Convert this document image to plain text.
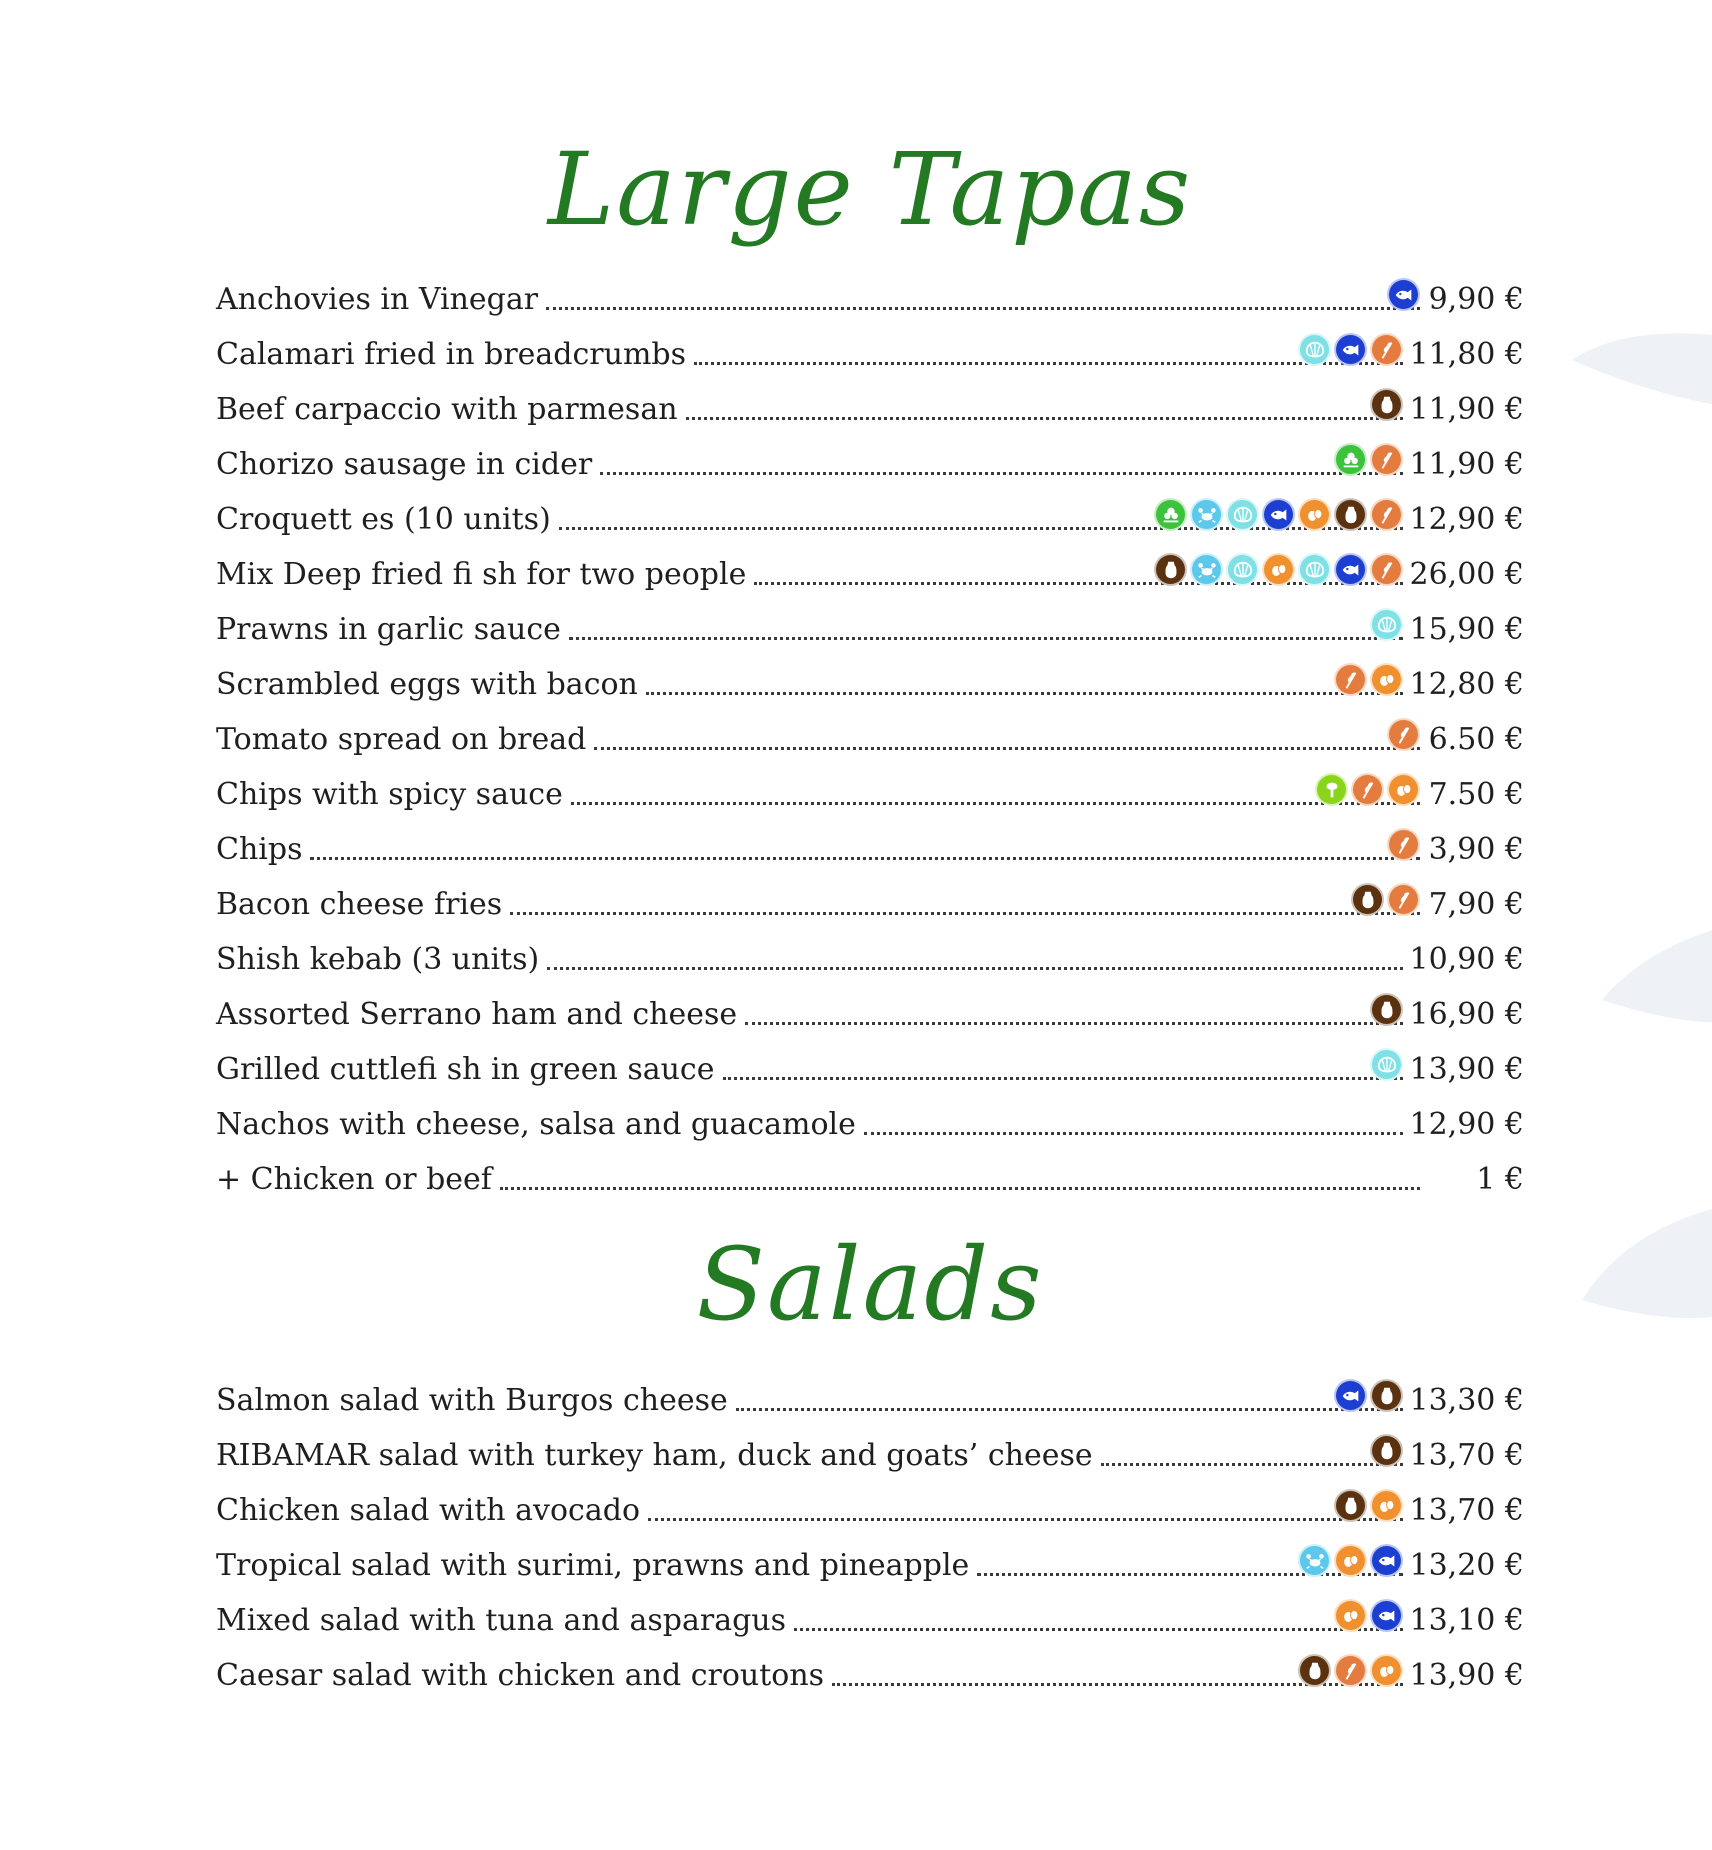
Large Tapas
Anchovies in Vinegar	9,90 €
Calamari fried in breadcrumbs	11,80 €
Beef carpaccio with parmesan	11,90 €
Chorizo sausage in cider	11,90 €
Croquett es (10 units)	12,90 €
Mix Deep fried fi sh for two people	26,00 €
Prawns in garlic sauce	15,90 €
Scrambled eggs with bacon	12,80 €
Tomato spread on bread	6.50 €
Chips with spicy sauce	7.50 €
Chips	3,90 €
Bacon cheese fries	7,90 €
Shish kebab (3 units)	10,90 €
Assorted Serrano ham and cheese	16,90 €
Grilled cuttlefi sh in green sauce	13,90 €
Nachos with cheese, salsa and guacamole	12,90 €
+ Chicken or beef	1 €
Salads
Salmon salad with Burgos cheese	13,30 €
RIBAMAR salad with turkey ham, duck and goats’ cheese	13,70 €
Chicken salad with avocado	13,70 €
Tropical salad with surimi, prawns and pineapple	13,20 €
Mixed salad with tuna and asparagus	13,10 €
Caesar salad with chicken and croutons	13,90 €
